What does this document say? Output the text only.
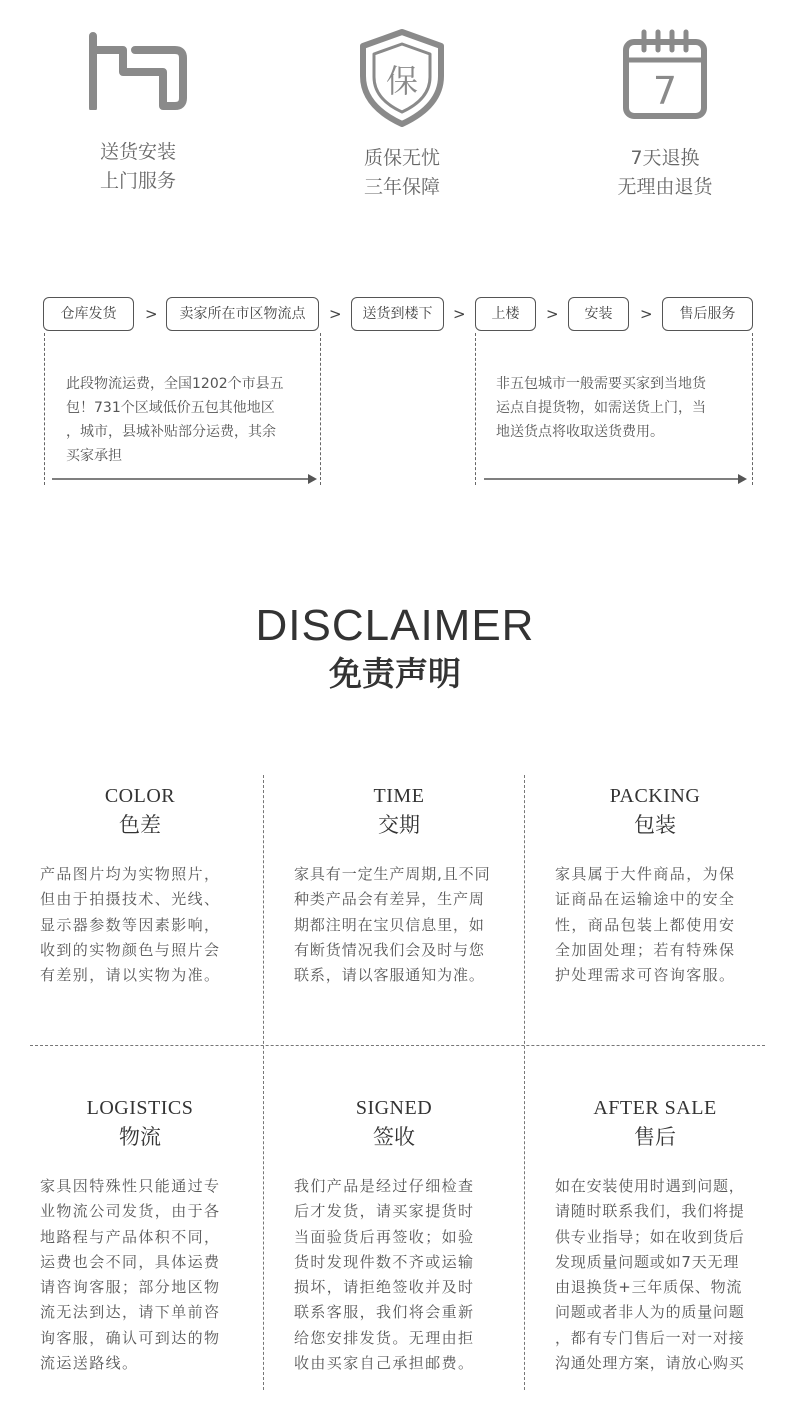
送货安装
上门服务
保
质保无忧
三年保障
7
7天退换
无理由退货
仓库发货	>	卖家所在市区物流点	>	送货到楼下	>	上楼	>	安装	>	售后服务
此段物流运费，全国1202个市县五
包！731个区域低价五包其他地区
，城市，县城补贴部分运费，其余
买家承担
非五包城市一般需要买家到当地货
运点自提货物，如需送货上门，当
地送货点将收取送货费用。
DISCLAIMER
免责声明
COLOR
色差
产品图片均为实物照片，
但由于拍摄技术、光线、
显示器参数等因素影响，
收到的实物颜色与照片会
有差别，请以实物为准。
TIME
交期
家具有一定生产周期,且不同
种类产品会有差异，生产周
期都注明在宝贝信息里，如
有断货情况我们会及时与您
联系，请以客服通知为准。
PACKING
包装
家具属于大件商品，为保
证商品在运输途中的安全
性，商品包装上都使用安
全加固处理；若有特殊保
护处理需求可咨询客服。
LOGISTICS
物流
家具因特殊性只能通过专
业物流公司发货，由于各
地路程与产品体积不同，
运费也会不同，具体运费
请咨询客服；部分地区物
流无法到达，请下单前咨
询客服，确认可到达的物
流运送路线。
SIGNED
签收
我们产品是经过仔细检查
后才发货，请买家提货时
当面验货后再签收；如验
货时发现件数不齐或运输
损坏，请拒绝签收并及时
联系客服，我们将会重新
给您安排发货。无理由拒
收由买家自己承担邮费。
AFTER SALE
售后
如在安装使用时遇到问题，
请随时联系我们，我们将提
供专业指导；如在收到货后
发现质量问题或如7天无理
由退换货+三年质保、物流
问题或者非人为的质量问题
，都有专门售后一对一对接
沟通处理方案，请放心购买
